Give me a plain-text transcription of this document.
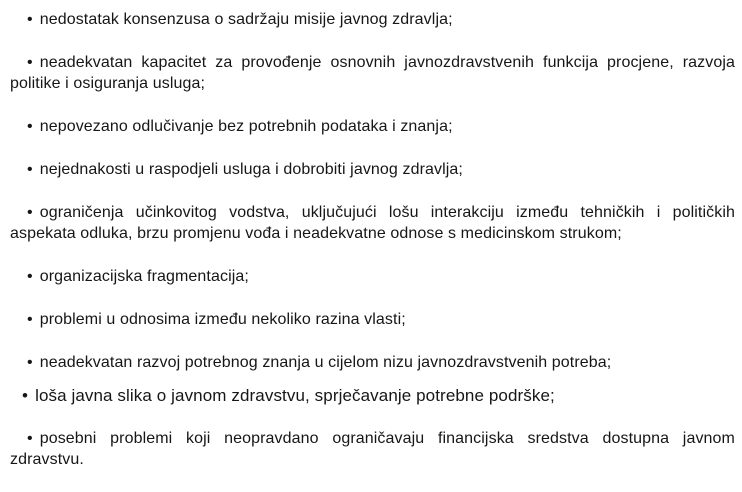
• nedostatak konsenzusa o sadržaju misije javnog zdravlja;

• neadekvatan kapacitet za provođenje osnovnih javnozdravstvenih funkcija procjene, razvoja politike i osiguranja usluga;

• nepovezano odlučivanje bez potrebnih podataka i znanja;

• nejednakosti u raspodjeli usluga i dobrobiti javnog zdravlja;

• ograničenja učinkovitog vodstva, uključujući lošu interakciju između tehničkih i političkih aspekata odluka, brzu promjenu vođa i neadekvatne odnose s medicinskom strukom;

• organizacijska fragmentacija;

• problemi u odnosima između nekoliko razina vlasti;

• neadekvatan razvoj potrebnog znanja u cijelom nizu javnozdravstvenih potreba;

• loša javna slika o javnom zdravstvu, sprječavanje potrebne podrške;

• posebni problemi koji neopravdano ograničavaju financijska sredstva dostupna javnom zdravstvu.
